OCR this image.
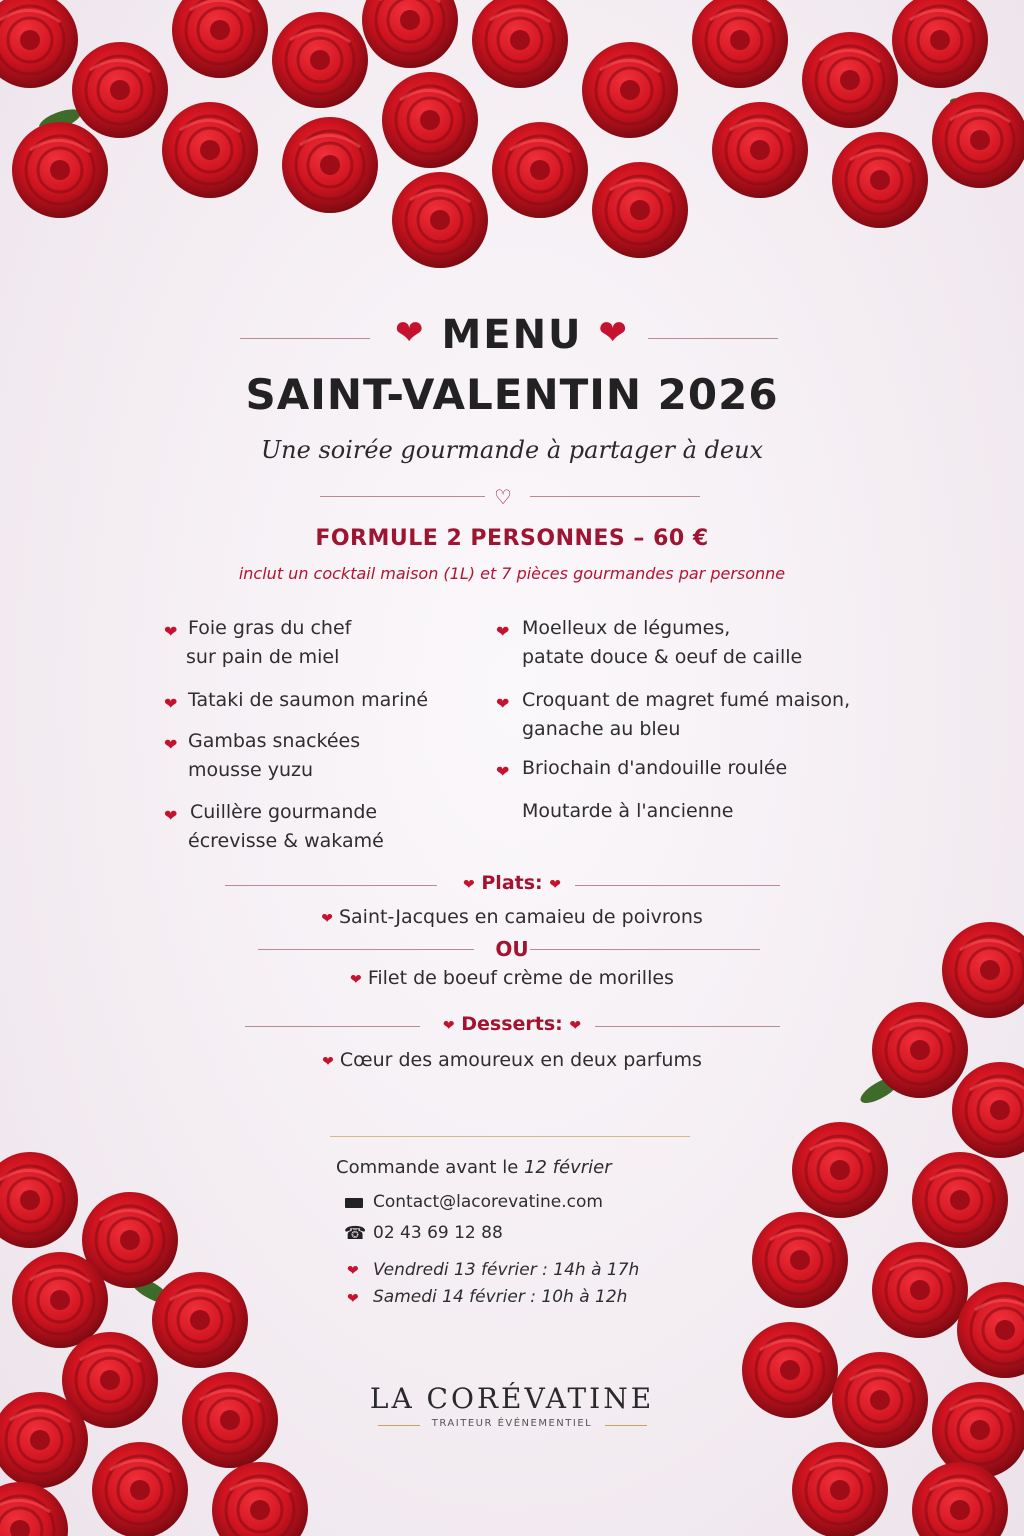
❤ MENU ❤
SAINT-VALENTIN 2026
Une soirée gourmande à partager à deux
♡
FORMULE 2 PERSONNES – 60 €
inclut un cocktail maison (1L) et 7 pièces gourmandes par personne
❤ Foie gras du chef
sur pain de miel
❤ Tataki de saumon mariné
❤ Gambas snackées
mousse yuzu
❤ Cuillère gourmande
écrevisse & wakamé
❤ Moelleux de légumes,
patate douce & oeuf de caille
❤ Croquant de magret fumé maison,
ganache au bleu
❤ Briochain d'andouille roulée
Moutarde à l'ancienne
❤ Plats: ❤
❤ Saint-Jacques en camaieu de poivrons
OU
❤ Filet de boeuf crème de morilles
❤ Desserts: ❤
❤ Cœur des amoureux en deux parfums
Commande avant le 12 février
Contact@lacorevatine.com
☎ 02 43 69 12 88
❤ Vendredi 13 février : 14h à 17h
❤ Samedi 14 février : 10h à 12h
LA CORÉVATINE
TRAITEUR ÉVÉNEMENTIEL
